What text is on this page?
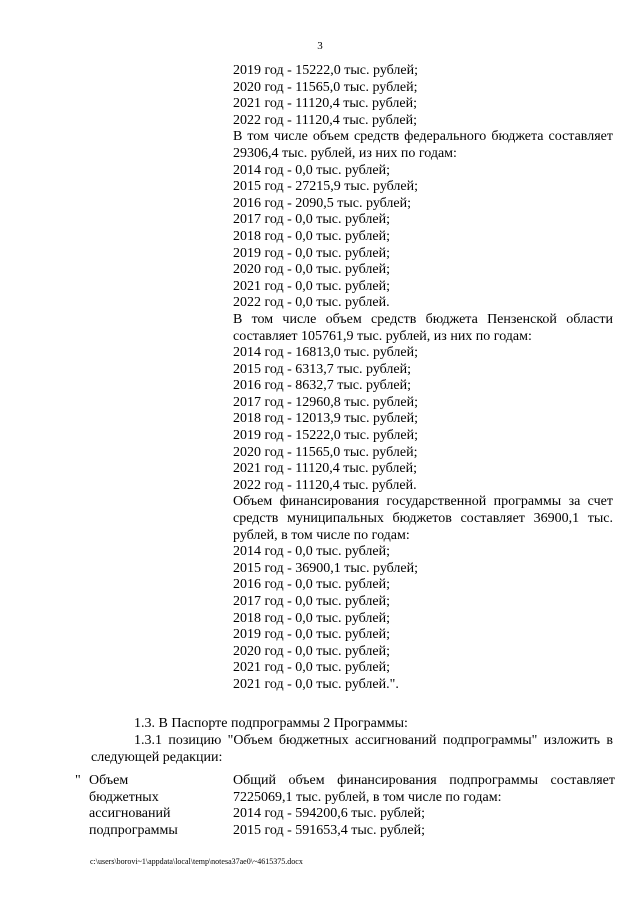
3
2019 год - 15222,0 тыс. рублей;
2020 год - 11565,0 тыс. рублей;
2021 год - 11120,4 тыс. рублей;
2022 год - 11120,4 тыс. рублей;
В том числе объем средств федерального бюджета составляет 29306,4 тыс. рублей, из них по годам:
2014 год - 0,0 тыс. рублей;
2015 год - 27215,9 тыс. рублей;
2016 год - 2090,5 тыс. рублей;
2017 год - 0,0 тыс. рублей;
2018 год - 0,0 тыс. рублей;
2019 год - 0,0 тыс. рублей;
2020 год - 0,0 тыс. рублей;
2021 год - 0,0 тыс. рублей;
2022 год - 0,0 тыс. рублей.
В том числе объем средств бюджета Пензенской области составляет 105761,9 тыс. рублей, из них по годам:
2014 год - 16813,0 тыс. рублей;
2015 год - 6313,7 тыс. рублей;
2016 год - 8632,7 тыс. рублей;
2017 год - 12960,8 тыс. рублей;
2018 год - 12013,9 тыс. рублей;
2019 год - 15222,0 тыс. рублей;
2020 год - 11565,0 тыс. рублей;
2021 год - 11120,4 тыс. рублей;
2022 год - 11120,4 тыс. рублей.
Объем финансирования государственной программы за счет средств муниципальных бюджетов составляет 36900,1 тыс. рублей, в том числе по годам:
2014 год - 0,0 тыс. рублей;
2015 год - 36900,1 тыс. рублей;
2016 год - 0,0 тыс. рублей;
2017 год - 0,0 тыс. рублей;
2018 год - 0,0 тыс. рублей;
2019 год - 0,0 тыс. рублей;
2020 год - 0,0 тыс. рублей;
2021 год - 0,0 тыс. рублей;
2021 год - 0,0 тыс. рублей.".
1.3. В Паспорте подпрограммы 2 Программы:
1.3.1 позицию "Объем бюджетных ассигнований подпрограммы" изложить в следующей редакции:
" Объем
бюджетных
ассигнований
подпрограммы
Общий объем финансирования подпрограммы составляет 7225069,1 тыс. рублей, в том числе по годам:
2014 год - 594200,6 тыс. рублей;
2015 год - 591653,4 тыс. рублей;
c:\users\borovi~1\appdata\local\temp\notesa37ae0\~4615375.docx
